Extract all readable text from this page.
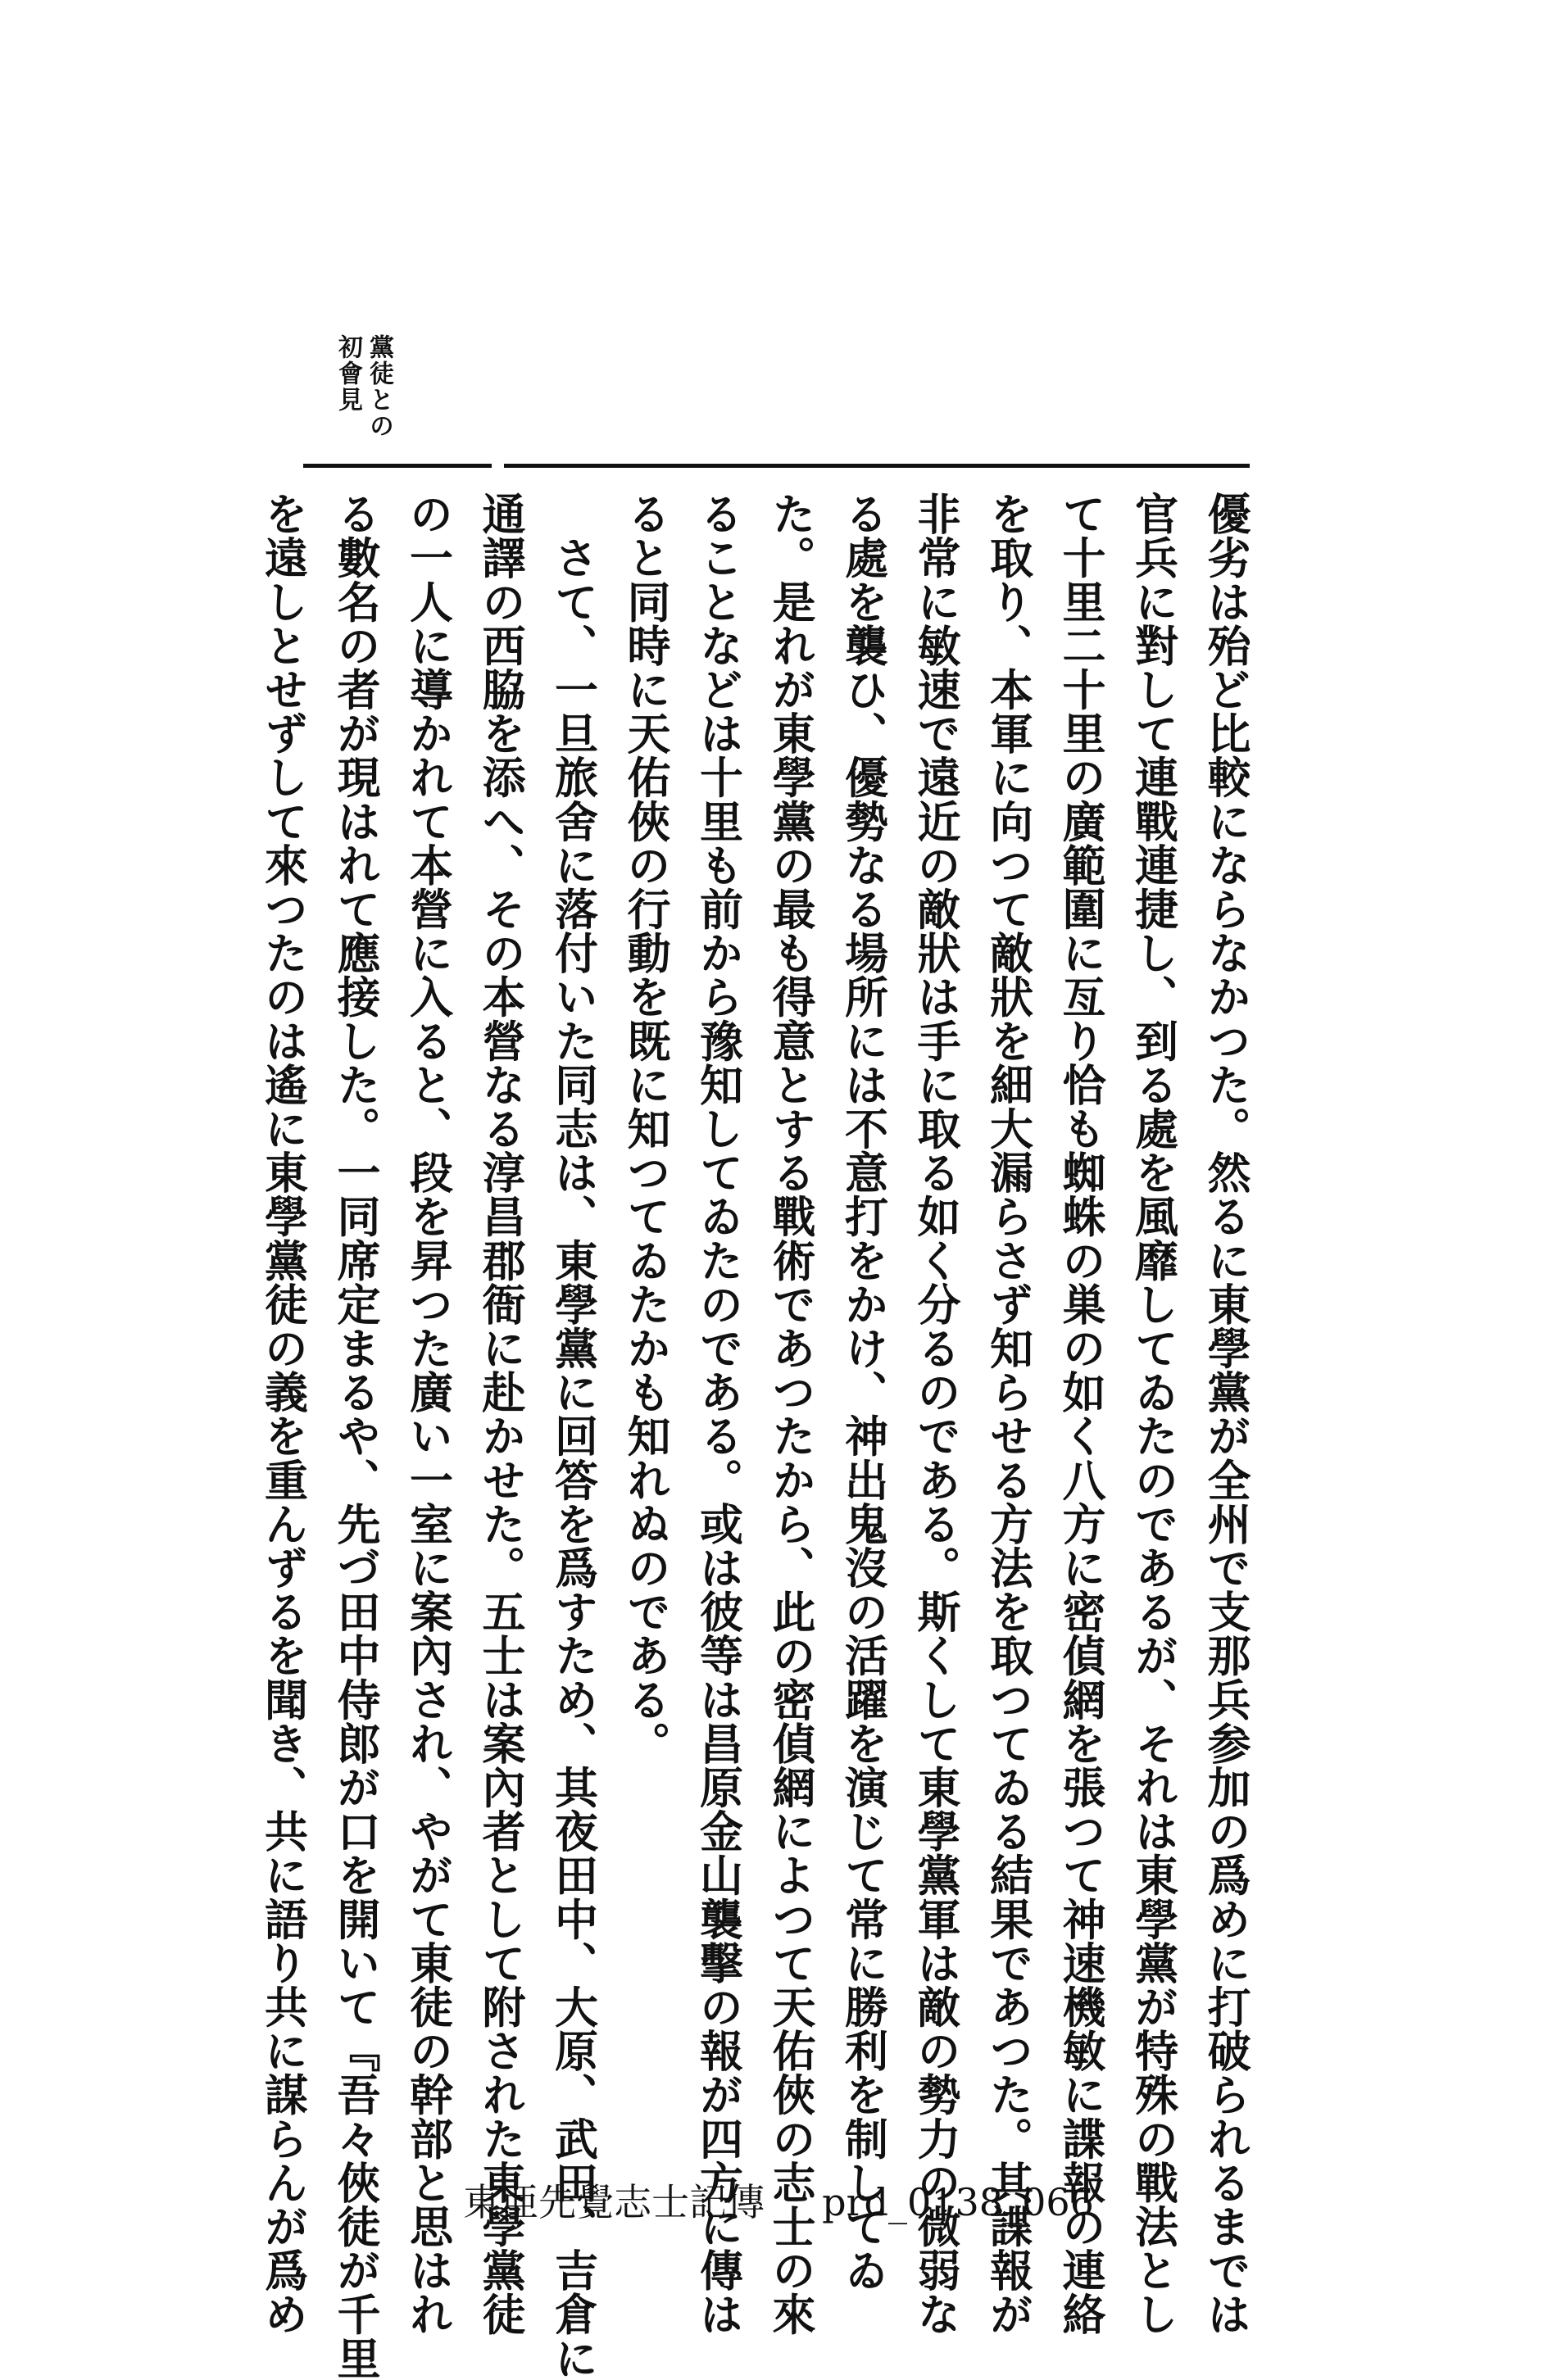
黨徒との初會見
優劣は殆ど比較にならなかつた。然るに東學黨が全州で支那兵参加の爲めに打破られるまでは
官兵に對して連戰連捷し、到る處を風靡してゐたのであるが、それは東學黨が特殊の戰法とし
て十里二十里の廣範圍に亙り恰も蜘蛛の巣の如く八方に密偵網を張つて神速機敏に諜報の連絡
を取り、本軍に向つて敵狀を細大漏らさず知らせる方法を取つてゐる結果であつた。其諜報が
非常に敏速で遠近の敵狀は手に取る如く分るのである。斯くして東學黨軍は敵の勢力の微弱な
る處を襲ひ、優勢なる場所には不意打をかけ、神出鬼沒の活躍を演じて常に勝利を制してゐ
た。是れが東學黨の最も得意とする戰術であつたから、此の密偵網によつて天佑俠の志士の來
ることなどは十里も前から豫知してゐたのである。或は彼等は昌原金山襲擊の報が四方に傳は
ると同時に天佑俠の行動を既に知つてゐたかも知れぬのである。
　さて、一旦旅舍に落付いた同志は、東學黨に回答を爲すため、其夜田中、大原、武田、吉倉に
通譯の西脇を添へ、その本營なる淳昌郡衙に赴かせた。五士は案內者として附された東學黨徒
の一人に導かれて本營に入ると、段を昇つた廣い一室に案內され、やがて東徒の幹部と思はれ
る數名の者が現はれて應接した。一同席定まるや、先づ田中侍郎が口を開いて『吾々俠徒が千里
を遠しとせずして來つたのは遙に東學黨徒の義を重んずるを聞き、共に語り共に謀らんが爲め	東亜先覺志士記傳 prd_0138_066
